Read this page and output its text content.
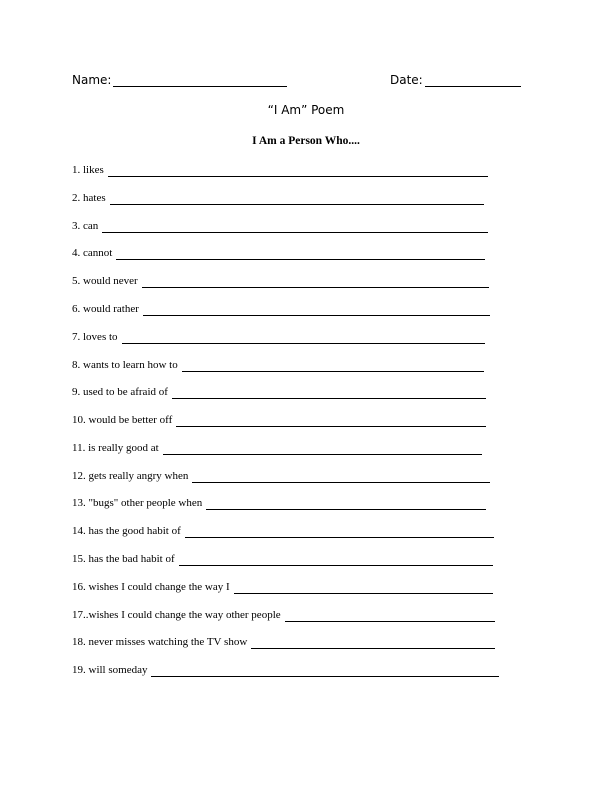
Name:	Date:
“I Am” Poem
I Am a Person Who....
1.
likes
2.
hates
3.
can
4.
cannot
5.
would never
6.
would rather
7.
loves to
8.
wants to learn how to
9.
used to be afraid of
10.
would be better off
11.
is really good at
12.
gets really angry when
13.
"bugs" other people when
14.
has the good habit of
15.
has the bad habit of
16.
wishes I could change the way I
17.. wishes I could change the way other people
18.
never misses watching the TV show
19.
will someday
